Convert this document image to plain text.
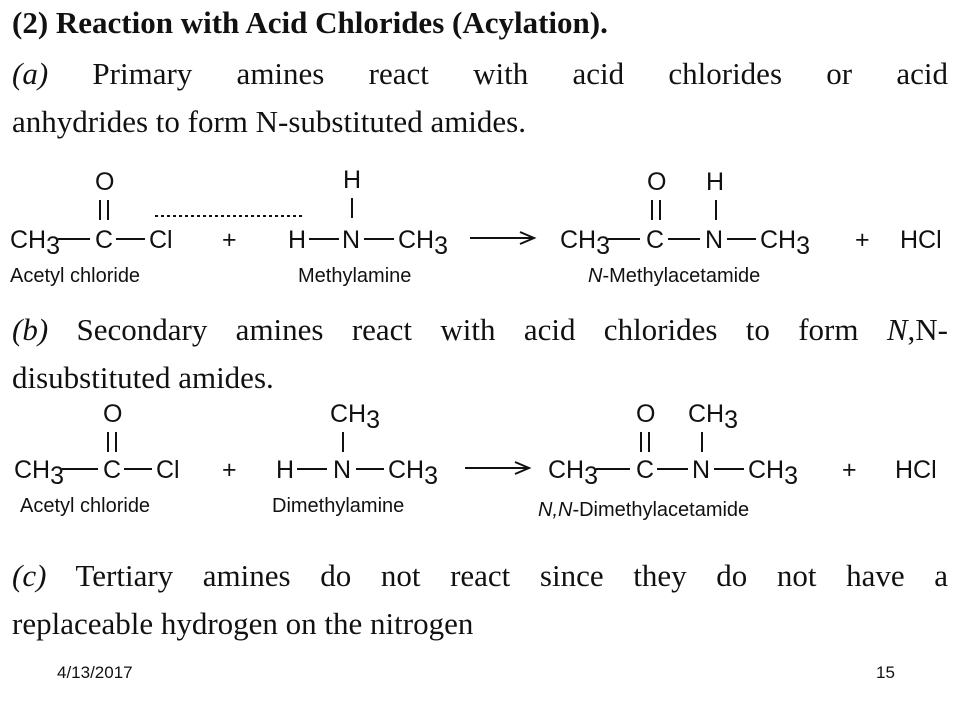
(2) Reaction with Acid Chlorides (Acylation).
(a) Primary amines react with acid chlorides or acid
anhydrides to form N-substituted amides.
O
CH3 C Cl
Acetyl chloride
+
H
H N CH3
Methylamine
O H
CH3 C N CH3
N-Methylacetamide
+ HCl
(b) Secondary amines react with acid chlorides to form N,N-
disubstituted amides.
O
CH3 C Cl
Acetyl chloride
+
CH3
H N CH3
Dimethylamine
O CH3
CH3 C N CH3
N,N-Dimethylacetamide
+ HCl
(c) Tertiary amines do not react since they do not have a
replaceable hydrogen on the nitrogen
4/13/2017	15
